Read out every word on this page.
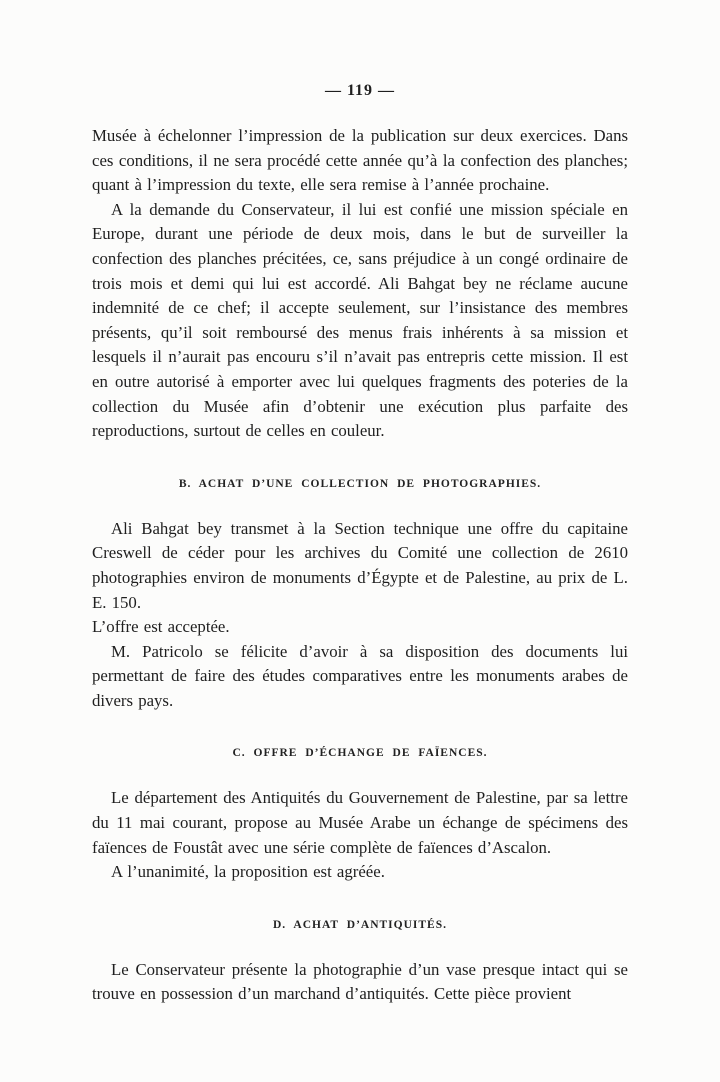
— 119 —

Musée à échelonner l’impression de la publication sur deux exercices. Dans ces conditions, il ne sera procédé cette année qu’à la confection des planches; quant à l’impression du texte, elle sera remise à l’année prochaine.

A la demande du Conservateur, il lui est confié une mission spéciale en Europe, durant une période de deux mois, dans le but de surveiller la confection des planches précitées, ce, sans préjudice à un congé ordinaire de trois mois et demi qui lui est accordé. Ali Bahgat bey ne réclame aucune indemnité de ce chef; il accepte seulement, sur l’insistance des membres présents, qu’il soit remboursé des menus frais inhérents à sa mission et lesquels il n’aurait pas encouru s’il n’avait pas entrepris cette mission. Il est en outre autorisé à emporter avec lui quelques fragments des poteries de la collection du Musée afin d’obtenir une exécution plus parfaite des reproductions, surtout de celles en couleur.

B. ACHAT D’UNE COLLECTION DE PHOTOGRAPHIES.

Ali Bahgat bey transmet à la Section technique une offre du capitaine Creswell de céder pour les archives du Comité une collection de 2610 photographies environ de monuments d’Égypte et de Palestine, au prix de L. E. 150.

L’offre est acceptée.

M. Patricolo se félicite d’avoir à sa disposition des documents lui permettant de faire des études comparatives entre les monuments arabes de divers pays.

C. OFFRE D’ÉCHANGE DE FAÏENCES.

Le département des Antiquités du Gouvernement de Palestine, par sa lettre du 11 mai courant, propose au Musée Arabe un échange de spécimens des faïences de Foustât avec une série complète de faïences d’Ascalon.

A l’unanimité, la proposition est agréée.

D. ACHAT D’ANTIQUITÉS.

Le Conservateur présente la photographie d’un vase presque intact qui se trouve en possession d’un marchand d’antiquités. Cette pièce provient
